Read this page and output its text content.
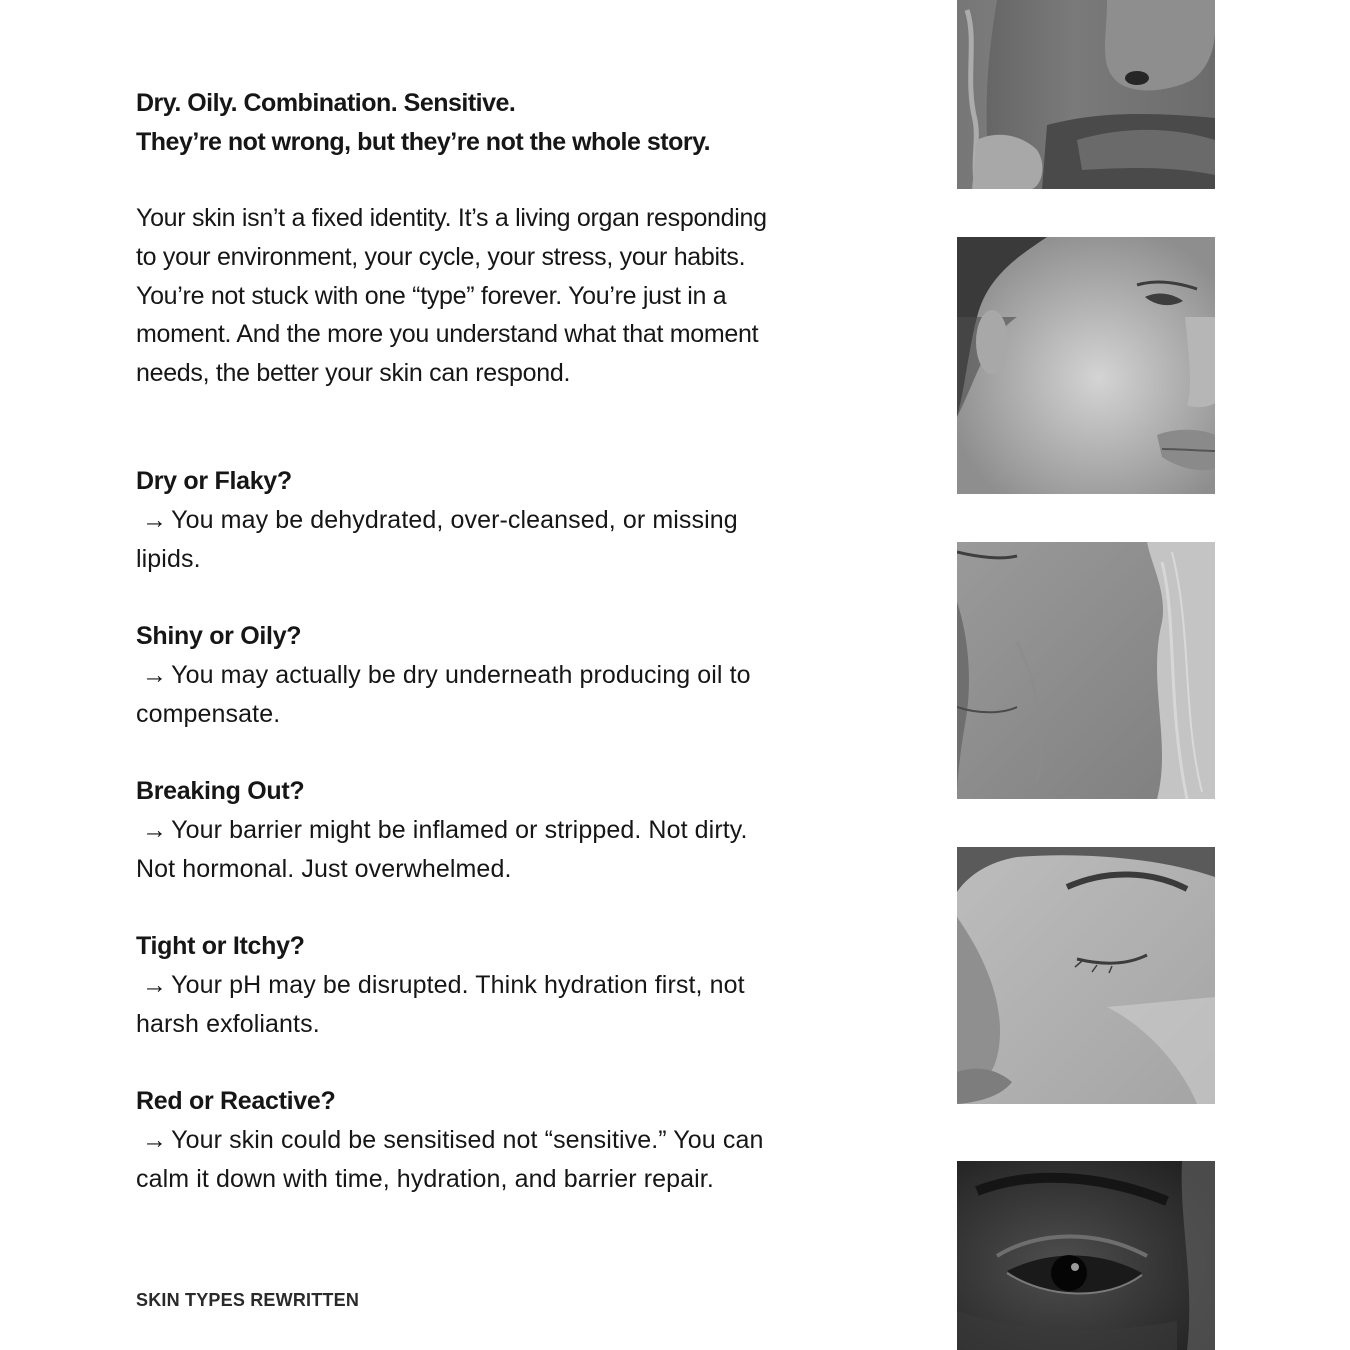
Dry. Oily. Combination. Sensitive.
They’re not wrong, but they’re not the whole story.
Your skin isn’t a fixed identity. It’s a living organ responding
to your environment, your cycle, your stress, your habits.
You’re not stuck with one “type” forever. You’re just in a
moment. And the more you understand what that moment
needs, the better your skin can respond.
Dry or Flaky?
→ You may be dehydrated, over-cleansed, or missing
lipids.
Shiny or Oily?
→ You may actually be dry underneath producing oil to
compensate.
Breaking Out?
→ Your barrier might be inflamed or stripped. Not dirty.
Not hormonal. Just overwhelmed.
Tight or Itchy?
→ Your pH may be disrupted. Think hydration first, not
harsh exfoliants.
Red or Reactive?
→ Your skin could be sensitised not “sensitive.” You can
calm it down with time, hydration, and barrier repair.
SKIN TYPES REWRITTEN
